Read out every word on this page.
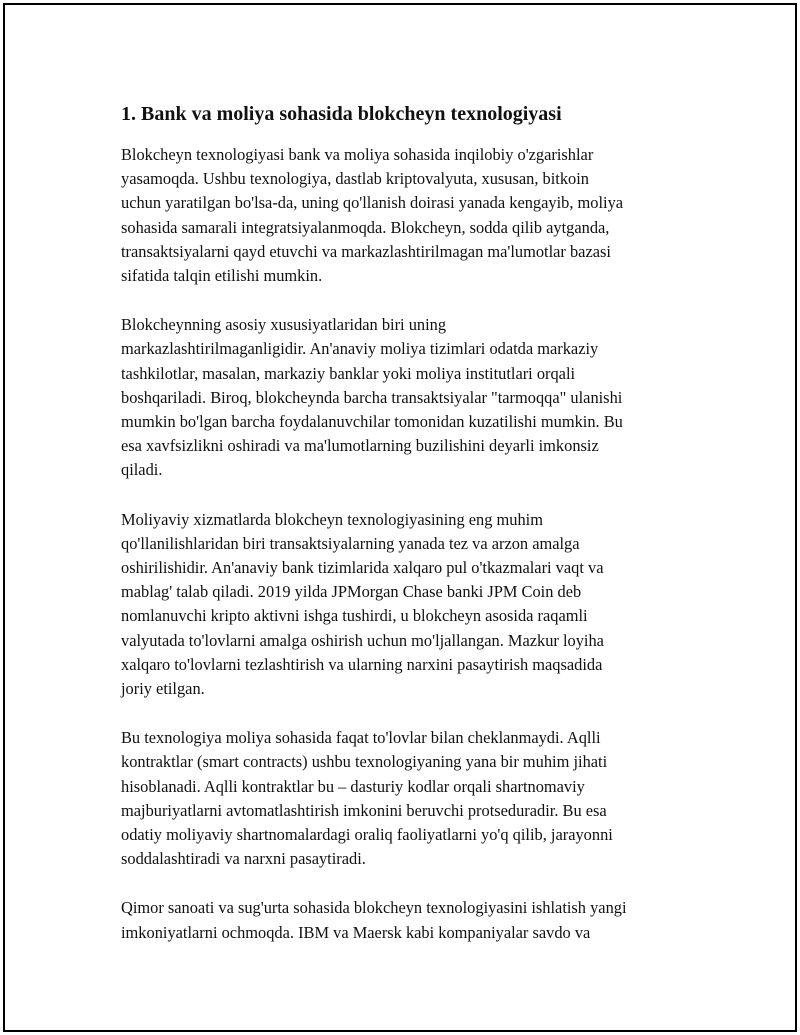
1. Bank va moliya sohasida blokcheyn texnologiyasi

Blokcheyn texnologiyasi bank va moliya sohasida inqilobiy o'zgarishlar
yasamoqda. Ushbu texnologiya, dastlab kriptovalyuta, xususan, bitkoin
uchun yaratilgan bo'lsa-da, uning qo'llanish doirasi yanada kengayib, moliya
sohasida samarali integratsiyalanmoqda. Blokcheyn, sodda qilib aytganda,
transaktsiyalarni qayd etuvchi va markazlashtirilmagan ma'lumotlar bazasi
sifatida talqin etilishi mumkin.

Blokcheynning asosiy xususiyatlaridan biri uning
markazlashtirilmaganligidir. An'anaviy moliya tizimlari odatda markaziy
tashkilotlar, masalan, markaziy banklar yoki moliya institutlari orqali
boshqariladi. Biroq, blokcheynda barcha transaktsiyalar "tarmoqqa" ulanishi
mumkin bo'lgan barcha foydalanuvchilar tomonidan kuzatilishi mumkin. Bu
esa xavfsizlikni oshiradi va ma'lumotlarning buzilishini deyarli imkonsiz
qiladi.

Moliyaviy xizmatlarda blokcheyn texnologiyasining eng muhim
qo'llanilishlaridan biri transaktsiyalarning yanada tez va arzon amalga
oshirilishidir. An'anaviy bank tizimlarida xalqaro pul o'tkazmalari vaqt va
mablag' talab qiladi. 2019 yilda JPMorgan Chase banki JPM Coin deb
nomlanuvchi kripto aktivni ishga tushirdi, u blokcheyn asosida raqamli
valyutada to'lovlarni amalga oshirish uchun mo'ljallangan. Mazkur loyiha
xalqaro to'lovlarni tezlashtirish va ularning narxini pasaytirish maqsadida
joriy etilgan.

Bu texnologiya moliya sohasida faqat to'lovlar bilan cheklanmaydi. Aqlli
kontraktlar (smart contracts) ushbu texnologiyaning yana bir muhim jihati
hisoblanadi. Aqlli kontraktlar bu – dasturiy kodlar orqali shartnomaviy
majburiyatlarni avtomatlashtirish imkonini beruvchi protseduradir. Bu esa
odatiy moliyaviy shartnomalardagi oraliq faoliyatlarni yo'q qilib, jarayonni
soddalashtiradi va narxni pasaytiradi.

Qimor sanoati va sug'urta sohasida blokcheyn texnologiyasini ishlatish yangi
imkoniyatlarni ochmoqda. IBM va Maersk kabi kompaniyalar savdo va
